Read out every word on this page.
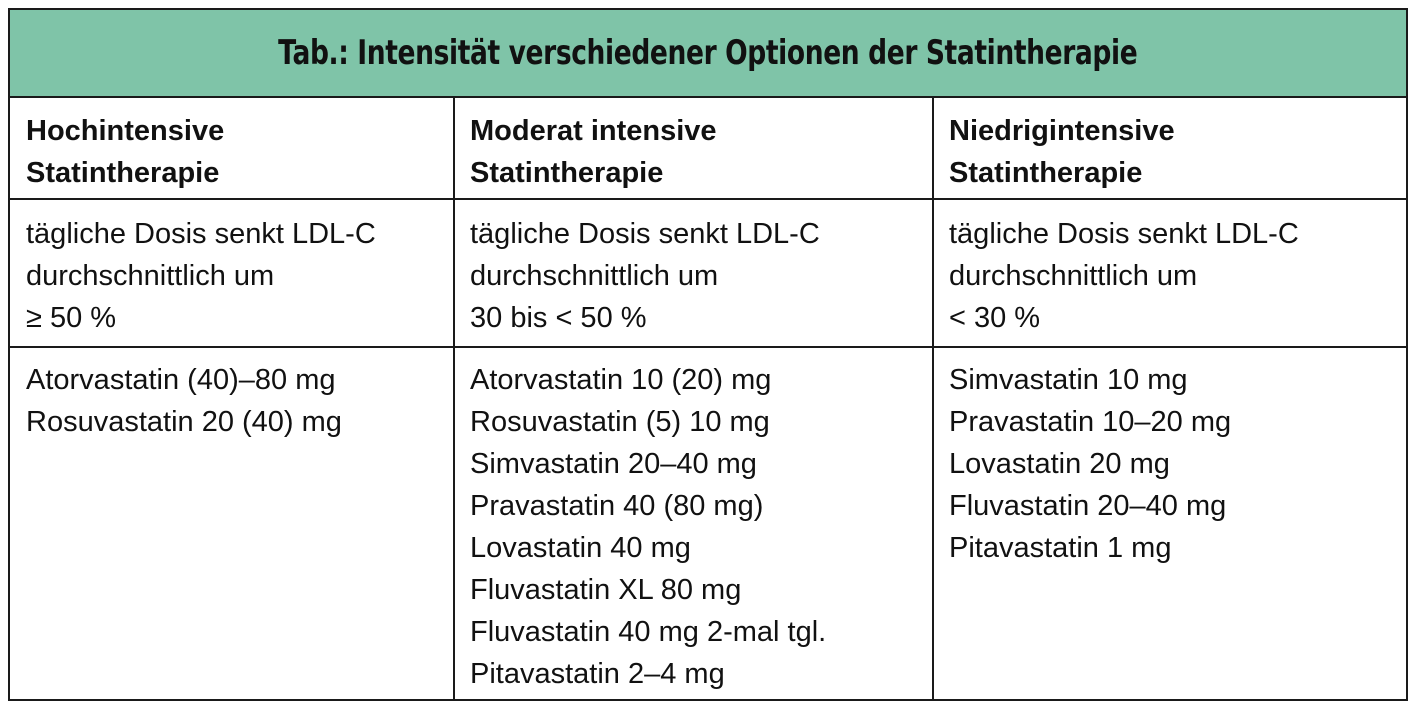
Tab.: Intensität verschiedener Optionen der Statintherapie
Hochintensive
Statintherapie
tägliche Dosis senkt LDL-C
durchschnittlich um
≥ 50 %
Atorvastatin (40)–80 mg
Rosuvastatin 20 (40) mg
Moderat intensive
Statintherapie
tägliche Dosis senkt LDL-C
durchschnittlich um
30 bis < 50 %
Atorvastatin 10 (20) mg
Rosuvastatin (5) 10 mg
Simvastatin 20–40 mg
Pravastatin 40 (80 mg)
Lovastatin 40 mg
Fluvastatin XL 80 mg
Fluvastatin 40 mg 2-mal tgl.
Pitavastatin 2–4 mg
Niedrigintensive
Statintherapie
tägliche Dosis senkt LDL-C
durchschnittlich um
< 30 %
Simvastatin 10 mg
Pravastatin 10–20 mg
Lovastatin 20 mg
Fluvastatin 20–40 mg
Pitavastatin 1 mg
